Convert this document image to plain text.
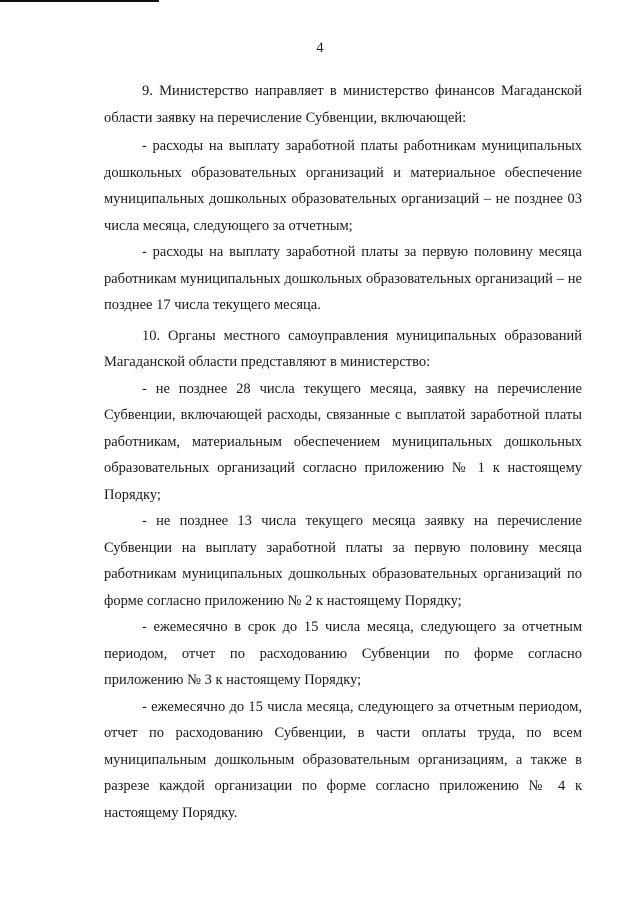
4

9. Министерство направляет в министерство финансов Магаданской области заявку на перечисление Субвенции, включающей:

- расходы на выплату заработной платы работникам муниципальных дошкольных образовательных организаций и материальное обеспечение муниципальных дошкольных образовательных организаций – не позднее 03 числа месяца, следующего за отчетным;

- расходы на выплату заработной платы за первую половину месяца работникам муниципальных дошкольных образовательных организаций – не позднее 17 числа текущего месяца.

10. Органы местного самоуправления муниципальных образований Магаданской области представляют в министерство:

- не позднее 28 числа текущего месяца, заявку на перечисление Субвенции, включающей расходы, связанные с выплатой заработной платы работникам, материальным обеспечением муниципальных дошкольных образовательных организаций согласно приложению № 1 к настоящему Порядку;

- не позднее 13 числа текущего месяца заявку на перечисление Субвенции на выплату заработной платы за первую половину месяца работникам муниципальных дошкольных образовательных организаций по форме согласно приложению № 2 к настоящему Порядку;

- ежемесячно в срок до 15 числа месяца, следующего за отчетным периодом, отчет по расходованию Субвенции по форме согласно приложению № 3 к настоящему Порядку;

- ежемесячно до 15 числа месяца, следующего за отчетным периодом, отчет по расходованию Субвенции, в части оплаты труда, по всем муниципальным дошкольным образовательным организациям, а также в разрезе каждой организации по форме согласно приложению № 4 к настоящему Порядку.
